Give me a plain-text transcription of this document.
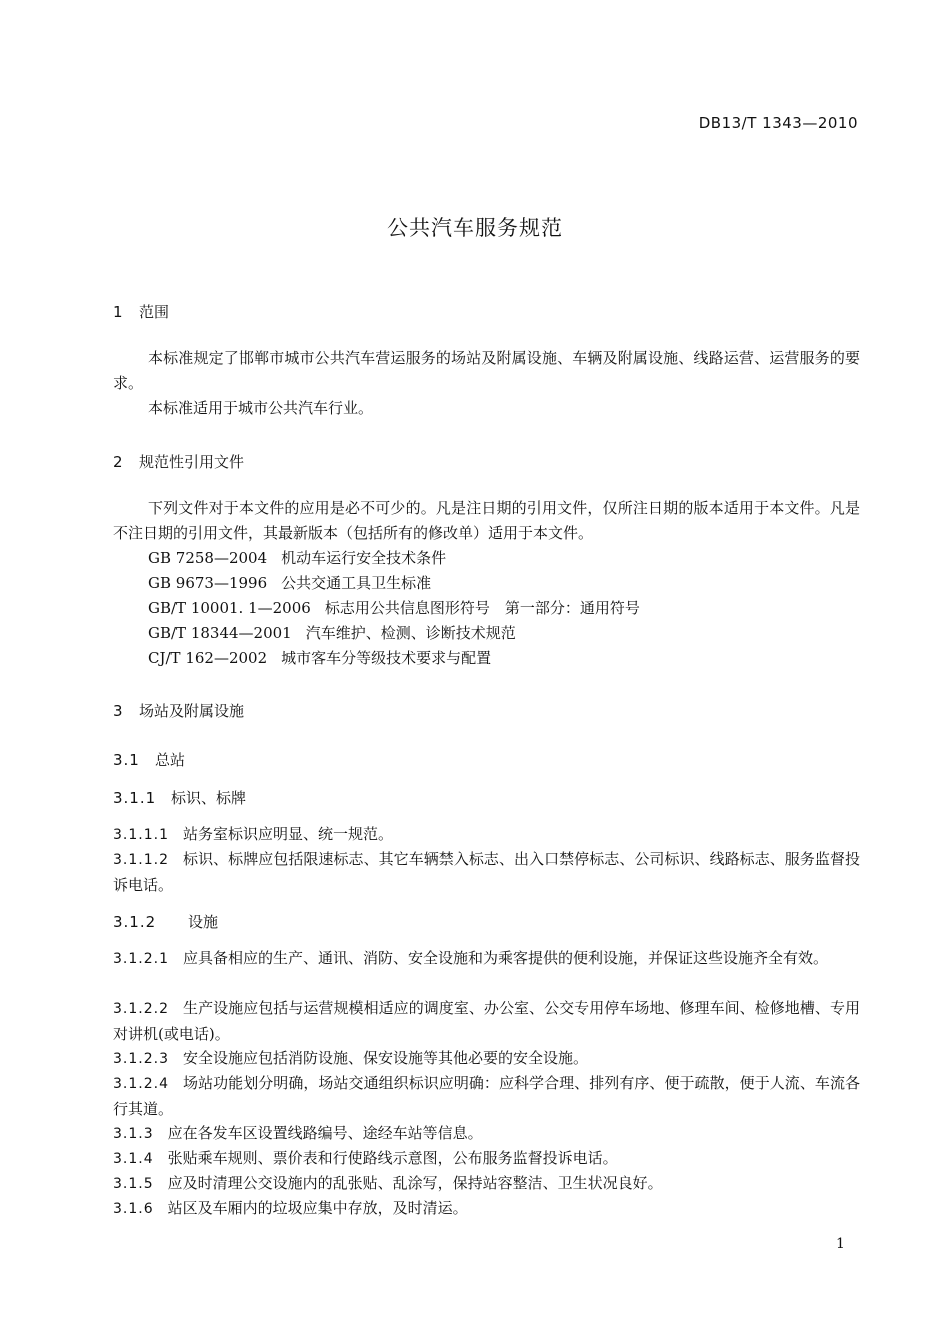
DB13/T 1343—2010
公共汽车服务规范
1 范围
本标准规定了邯郸市城市公共汽车营运服务的场站及附属设施、车辆及附属设施、线路运营、运营服务的要求。
本标准适用于城市公共汽车行业。
2 规范性引用文件
下列文件对于本文件的应用是必不可少的。凡是注日期的引用文件，仅所注日期的版本适用于本文件。凡是不注日期的引用文件，其最新版本（包括所有的修改单）适用于本文件。
GB 7258—2004 机动车运行安全技术条件
GB 9673—1996 公共交通工具卫生标准
GB/T 10001. 1—2006 标志用公共信息图形符号　第一部分：通用符号
GB/T 18344—2001 汽车维护、检测、诊断技术规范
CJ/T 162—2002 城市客车分等级技术要求与配置
3 场站及附属设施
3.1 总站
3.1.1 标识、标牌
3.1.1.1 站务室标识应明显、统一规范。
3.1.1.2 标识、标牌应包括限速标志、其它车辆禁入标志、出入口禁停标志、公司标识、线路标志、服务监督投诉电话。
3.1.2 设施
3.1.2.1 应具备相应的生产、通讯、消防、安全设施和为乘客提供的便利设施，并保证这些设施齐全有效。
3.1.2.2 生产设施应包括与运营规模相适应的调度室、办公室、公交专用停车场地、修理车间、检修地槽、专用对讲机(或电话)。
3.1.2.3 安全设施应包括消防设施、保安设施等其他必要的安全设施。
3.1.2.4 场站功能划分明确，场站交通组织标识应明确：应科学合理、排列有序、便于疏散，便于人流、车流各行其道。
3.1.3 应在各发车区设置线路编号、途经车站等信息。
3.1.4 张贴乘车规则、票价表和行使路线示意图，公布服务监督投诉电话。
3.1.5 应及时清理公交设施内的乱张贴、乱涂写，保持站容整洁、卫生状况良好。
3.1.6 站区及车厢内的垃圾应集中存放，及时清运。
1
